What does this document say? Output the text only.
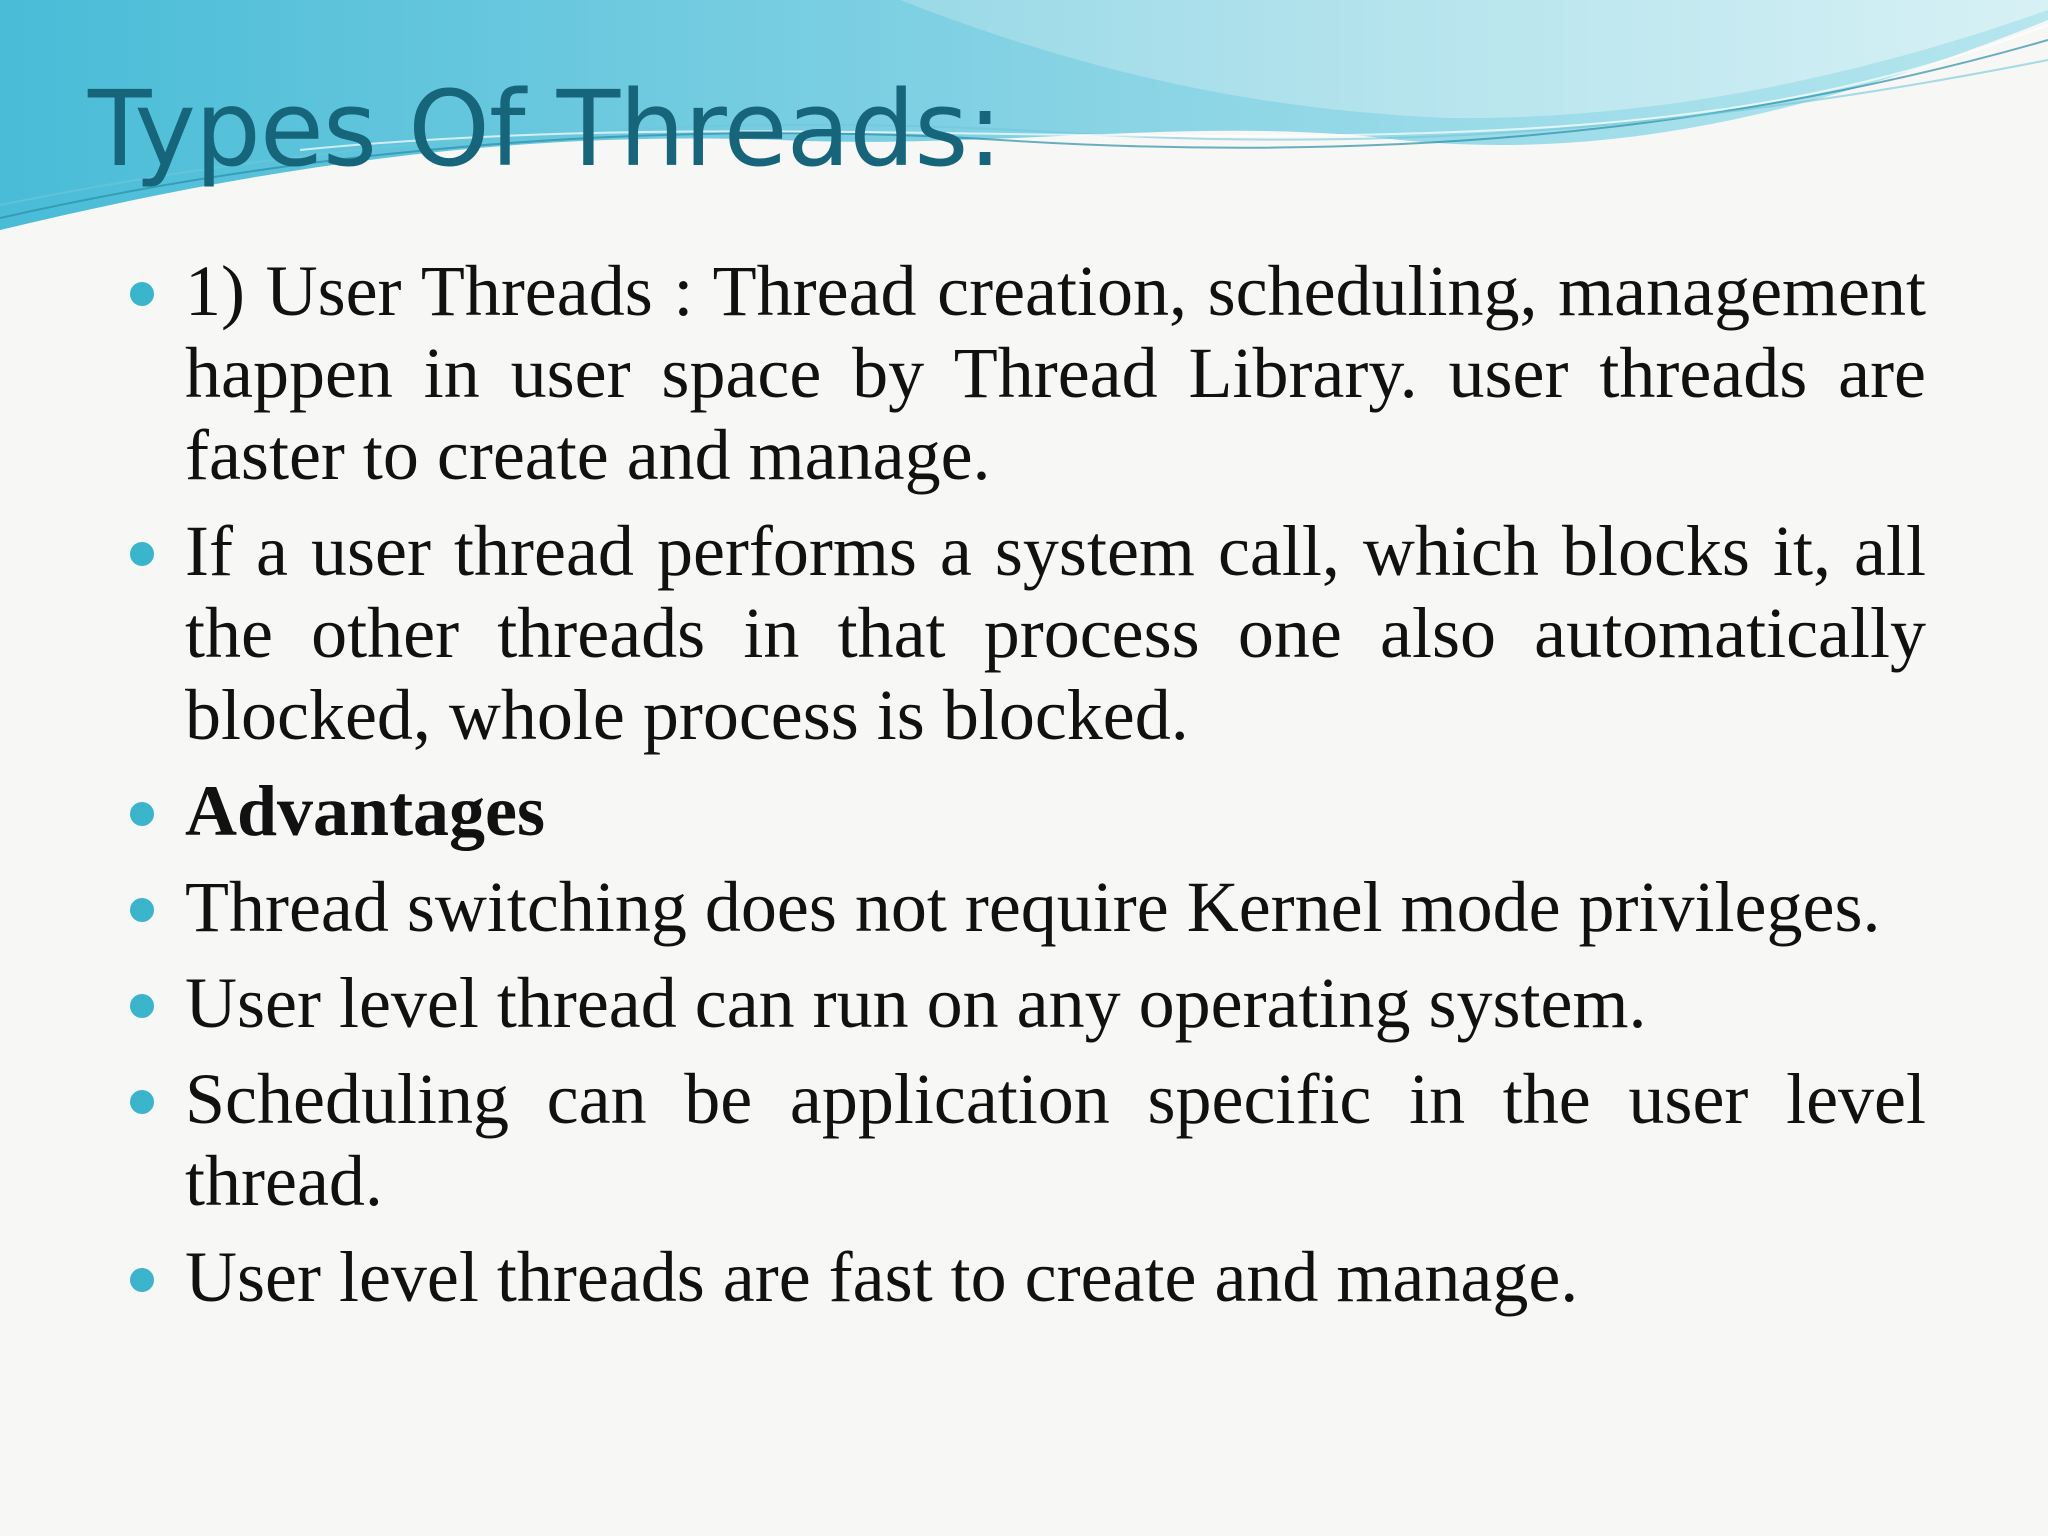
Types Of Threads:
1) User Threads : Thread creation, scheduling, management happen in user space by Thread Library. user threads are faster to create and manage.
If a user thread performs a system call, which blocks it, all the other threads in that process one also automatically blocked, whole process is blocked.
Advantages
Thread switching does not require Kernel mode privileges.
User level thread can run on any operating system.
Scheduling can be application specific in the user level thread.
User level threads are fast to create and manage.
